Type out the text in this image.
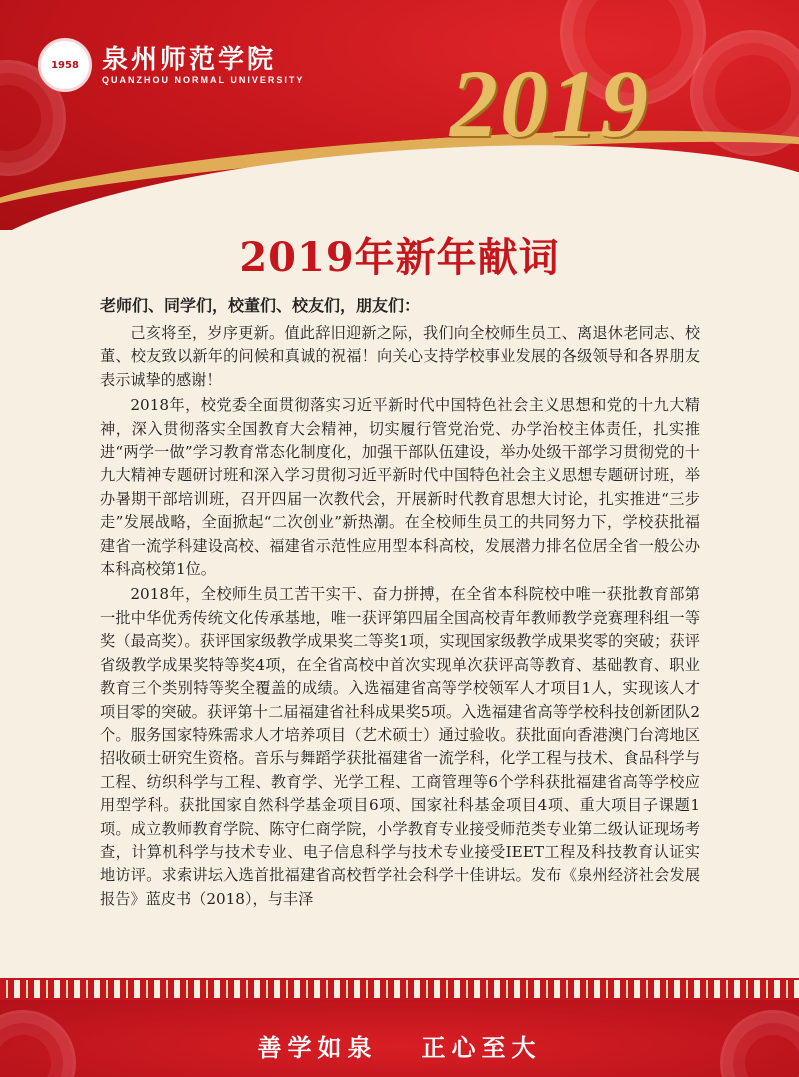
1958 泉州师范学院
QUANZHOU NORMAL UNIVERSITY 2019
2019年新年献词
老师们、同学们，校董们、校友们，朋友们：

己亥将至，岁序更新。值此辞旧迎新之际，我们向全校师生员工、离退休老同志、校董、校友致以新年的问候和真诚的祝福！向关心支持学校事业发展的各级领导和各界朋友表示诚挚的感谢！

2018年，校党委全面贯彻落实习近平新时代中国特色社会主义思想和党的十九大精神，深入贯彻落实全国教育大会精神，切实履行管党治党、办学治校主体责任，扎实推进“两学一做”学习教育常态化制度化，加强干部队伍建设，举办处级干部学习贯彻党的十九大精神专题研讨班和深入学习贯彻习近平新时代中国特色社会主义思想专题研讨班，举办暑期干部培训班，召开四届一次教代会，开展新时代教育思想大讨论，扎实推进“三步走”发展战略，全面掀起“二次创业”新热潮。在全校师生员工的共同努力下，学校获批福建省一流学科建设高校、福建省示范性应用型本科高校，发展潜力排名位居全省一般公办本科高校第1位。

2018年，全校师生员工苦干实干、奋力拼搏，在全省本科院校中唯一获批教育部第一批中华优秀传统文化传承基地，唯一获评第四届全国高校青年教师教学竞赛理科组一等奖（最高奖）。获评国家级教学成果奖二等奖1项，实现国家级教学成果奖零的突破；获评省级教学成果奖特等奖4项，在全省高校中首次实现单次获评高等教育、基础教育、职业教育三个类别特等奖全覆盖的成绩。入选福建省高等学校领军人才项目1人，实现该人才项目零的突破。获评第十二届福建省社科成果奖5项。入选福建省高等学校科技创新团队2个。服务国家特殊需求人才培养项目（艺术硕士）通过验收。获批面向香港澳门台湾地区招收硕士研究生资格。音乐与舞蹈学获批福建省一流学科，化学工程与技术、食品科学与工程、纺织科学与工程、教育学、光学工程、工商管理等6个学科获批福建省高等学校应用型学科。获批国家自然科学基金项目6项、国家社科基金项目4项、重大项目子课题1项。成立教师教育学院、陈守仁商学院，小学教育专业接受师范类专业第二级认证现场考查，计算机科学与技术专业、电子信息科学与技术专业接受IEET工程及科技教育认证实地访评。求索讲坛入选首批福建省高校哲学社会科学十佳讲坛。发布《泉州经济社会发展报告》蓝皮书（2018），与丰泽

善学如泉 正心至大
